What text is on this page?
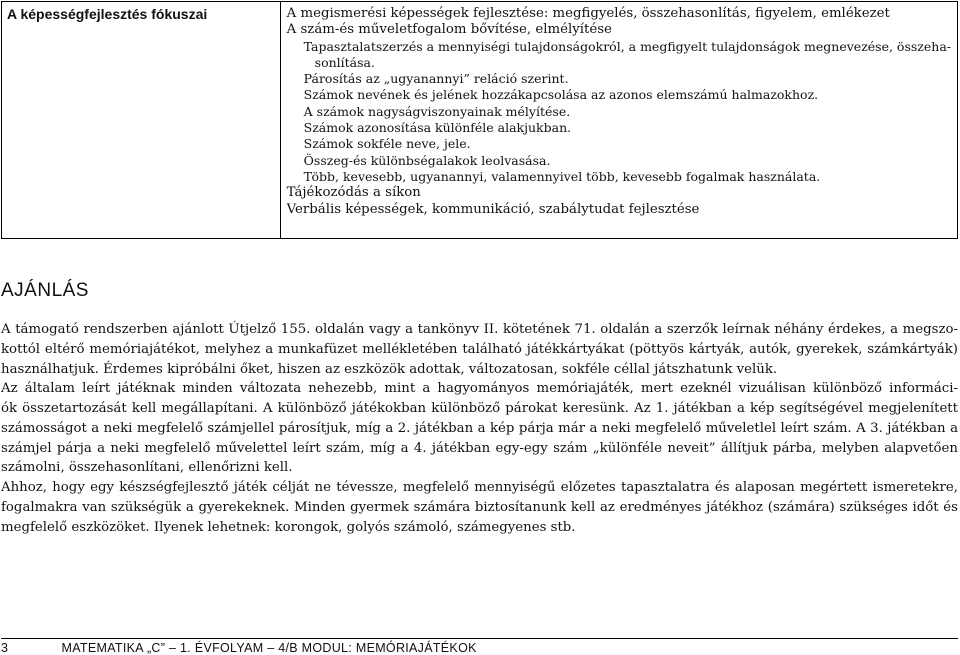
A képességfejlesztés fókuszai	A megismerési képességek fejlesztése: megfigyelés, összehasonlítás, figyelem, emlékezet
A szám-és műveletfogalom bővítése, elmélyítése
Tapasztalatszerzés a mennyiségi tulajdonságokról, a megfigyelt tulajdonságok megnevezése, összeha-
sonlítása.
Párosítás az „ugyanannyi” reláció szerint.
Számok nevének és jelének hozzákapcsolása az azonos elemszámú halmazokhoz.
A számok nagyságviszonyainak mélyítése.
Számok azonosítása különféle alakjukban.
Számok sokféle neve, jele.
Összeg-és különbségalakok leolvasása.
Több, kevesebb, ugyanannyi, valamennyivel több, kevesebb fogalmak használata.
Tájékozódás a síkon
Verbális képességek, kommunikáció, szabálytudat fejlesztése
AJÁNLÁS
A támogató rendszerben ajánlott Útjelző 155. oldalán vagy a tankönyv II. kötetének 71. oldalán a szerzők leírnak néhány érdekes, a megszo-
kottól eltérő memóriajátékot, melyhez a munkafüzet mellékletében található játékkártyákat (pöttyös kártyák, autók, gyerekek, számkártyák)
használhatjuk. Érdemes kipróbálni őket, hiszen az eszközök adottak, változatosan, sokféle céllal játszhatunk velük.
Az általam leírt játéknak minden változata nehezebb, mint a hagyományos memóriajáték, mert ezeknél vizuálisan különböző informáci-
ók összetartozását kell megállapítani. A különböző játékokban különböző párokat keresünk. Az 1. játékban a kép segítségével megjelenített
számosságot a neki megfelelő számjellel párosítjuk, míg a 2. játékban a kép párja már a neki megfelelő műveletlel leírt szám. A 3. játékban a
számjel párja a neki megfelelő művelettel leírt szám, míg a 4. játékban egy-egy szám „különféle neveit” állítjuk párba, melyben alapvetően
számolni, összehasonlítani, ellenőrizni kell.
Ahhoz, hogy egy készségfejlesztő játék célját ne tévessze, megfelelő mennyiségű előzetes tapasztalatra és alaposan megértett ismeretekre,
fogalmakra van szükségük a gyerekeknek. Minden gyermek számára biztosítanunk kell az eredményes játékhoz (számára) szükséges időt és
megfelelő eszközöket. Ilyenek lehetnek: korongok, golyós számoló, számegyenes stb.
3	MATEMATIKA „C” – 1. ÉVFOLYAM – 4/B MODUL: MEMÓRIAJÁTÉKOK
